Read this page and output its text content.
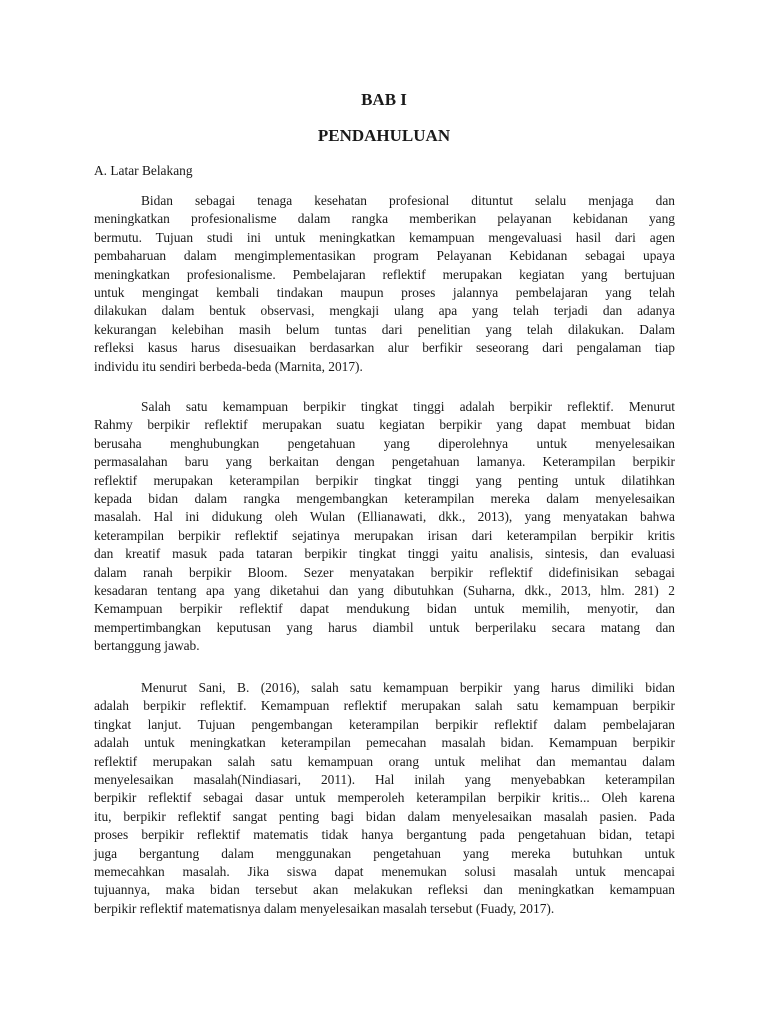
BAB I
PENDAHULUAN

A. Latar Belakang

Bidan sebagai tenaga kesehatan profesional dituntut selalu menjaga dan
meningkatkan profesionalisme dalam rangka memberikan pelayanan kebidanan yang
bermutu. Tujuan studi ini untuk meningkatkan kemampuan mengevaluasi hasil dari agen
pembaharuan dalam mengimplementasikan program Pelayanan Kebidanan sebagai upaya
meningkatkan profesionalisme. Pembelajaran reflektif merupakan kegiatan yang bertujuan
untuk mengingat kembali tindakan maupun proses jalannya pembelajaran yang telah
dilakukan dalam bentuk observasi, mengkaji ulang apa yang telah terjadi dan adanya
kekurangan kelebihan masih belum tuntas dari penelitian yang telah dilakukan. Dalam
refleksi kasus harus disesuaikan berdasarkan alur berfikir seseorang dari pengalaman tiap
individu itu sendiri berbeda-beda (Marnita, 2017).

Salah satu kemampuan berpikir tingkat tinggi adalah berpikir reflektif. Menurut
Rahmy berpikir reflektif merupakan suatu kegiatan berpikir yang dapat membuat bidan
berusaha menghubungkan pengetahuan yang diperolehnya untuk menyelesaikan
permasalahan baru yang berkaitan dengan pengetahuan lamanya. Keterampilan berpikir
reflektif merupakan keterampilan berpikir tingkat tinggi yang penting untuk dilatihkan
kepada bidan dalam rangka mengembangkan keterampilan mereka dalam menyelesaikan
masalah. Hal ini didukung oleh Wulan (Ellianawati, dkk., 2013), yang menyatakan bahwa
keterampilan berpikir reflektif sejatinya merupakan irisan dari keterampilan berpikir kritis
dan kreatif masuk pada tataran berpikir tingkat tinggi yaitu analisis, sintesis, dan evaluasi
dalam ranah berpikir Bloom. Sezer menyatakan berpikir reflektif didefinisikan sebagai
kesadaran tentang apa yang diketahui dan yang dibutuhkan (Suharna, dkk., 2013, hlm. 281) 2
Kemampuan berpikir reflektif dapat mendukung bidan untuk memilih, menyotir, dan
mempertimbangkan keputusan yang harus diambil untuk berperilaku secara matang dan
bertanggung jawab.

Menurut Sani, B. (2016), salah satu kemampuan berpikir yang harus dimiliki bidan
adalah berpikir reflektif. Kemampuan reflektif merupakan salah satu kemampuan berpikir
tingkat lanjut. Tujuan pengembangan keterampilan berpikir reflektif dalam pembelajaran
adalah untuk meningkatkan keterampilan pemecahan masalah bidan. Kemampuan berpikir
reflektif merupakan salah satu kemampuan orang untuk melihat dan memantau dalam
menyelesaikan masalah(Nindiasari, 2011). Hal inilah yang menyebabkan keterampilan
berpikir reflektif sebagai dasar untuk memperoleh keterampilan berpikir kritis... Oleh karena
itu, berpikir reflektif sangat penting bagi bidan dalam menyelesaikan masalah pasien. Pada
proses berpikir reflektif matematis tidak hanya bergantung pada pengetahuan bidan, tetapi
juga bergantung dalam menggunakan pengetahuan yang mereka butuhkan untuk
memecahkan masalah. Jika siswa dapat menemukan solusi masalah untuk mencapai
tujuannya, maka bidan tersebut akan melakukan refleksi dan meningkatkan kemampuan
berpikir reflektif matematisnya dalam menyelesaikan masalah tersebut (Fuady, 2017).
